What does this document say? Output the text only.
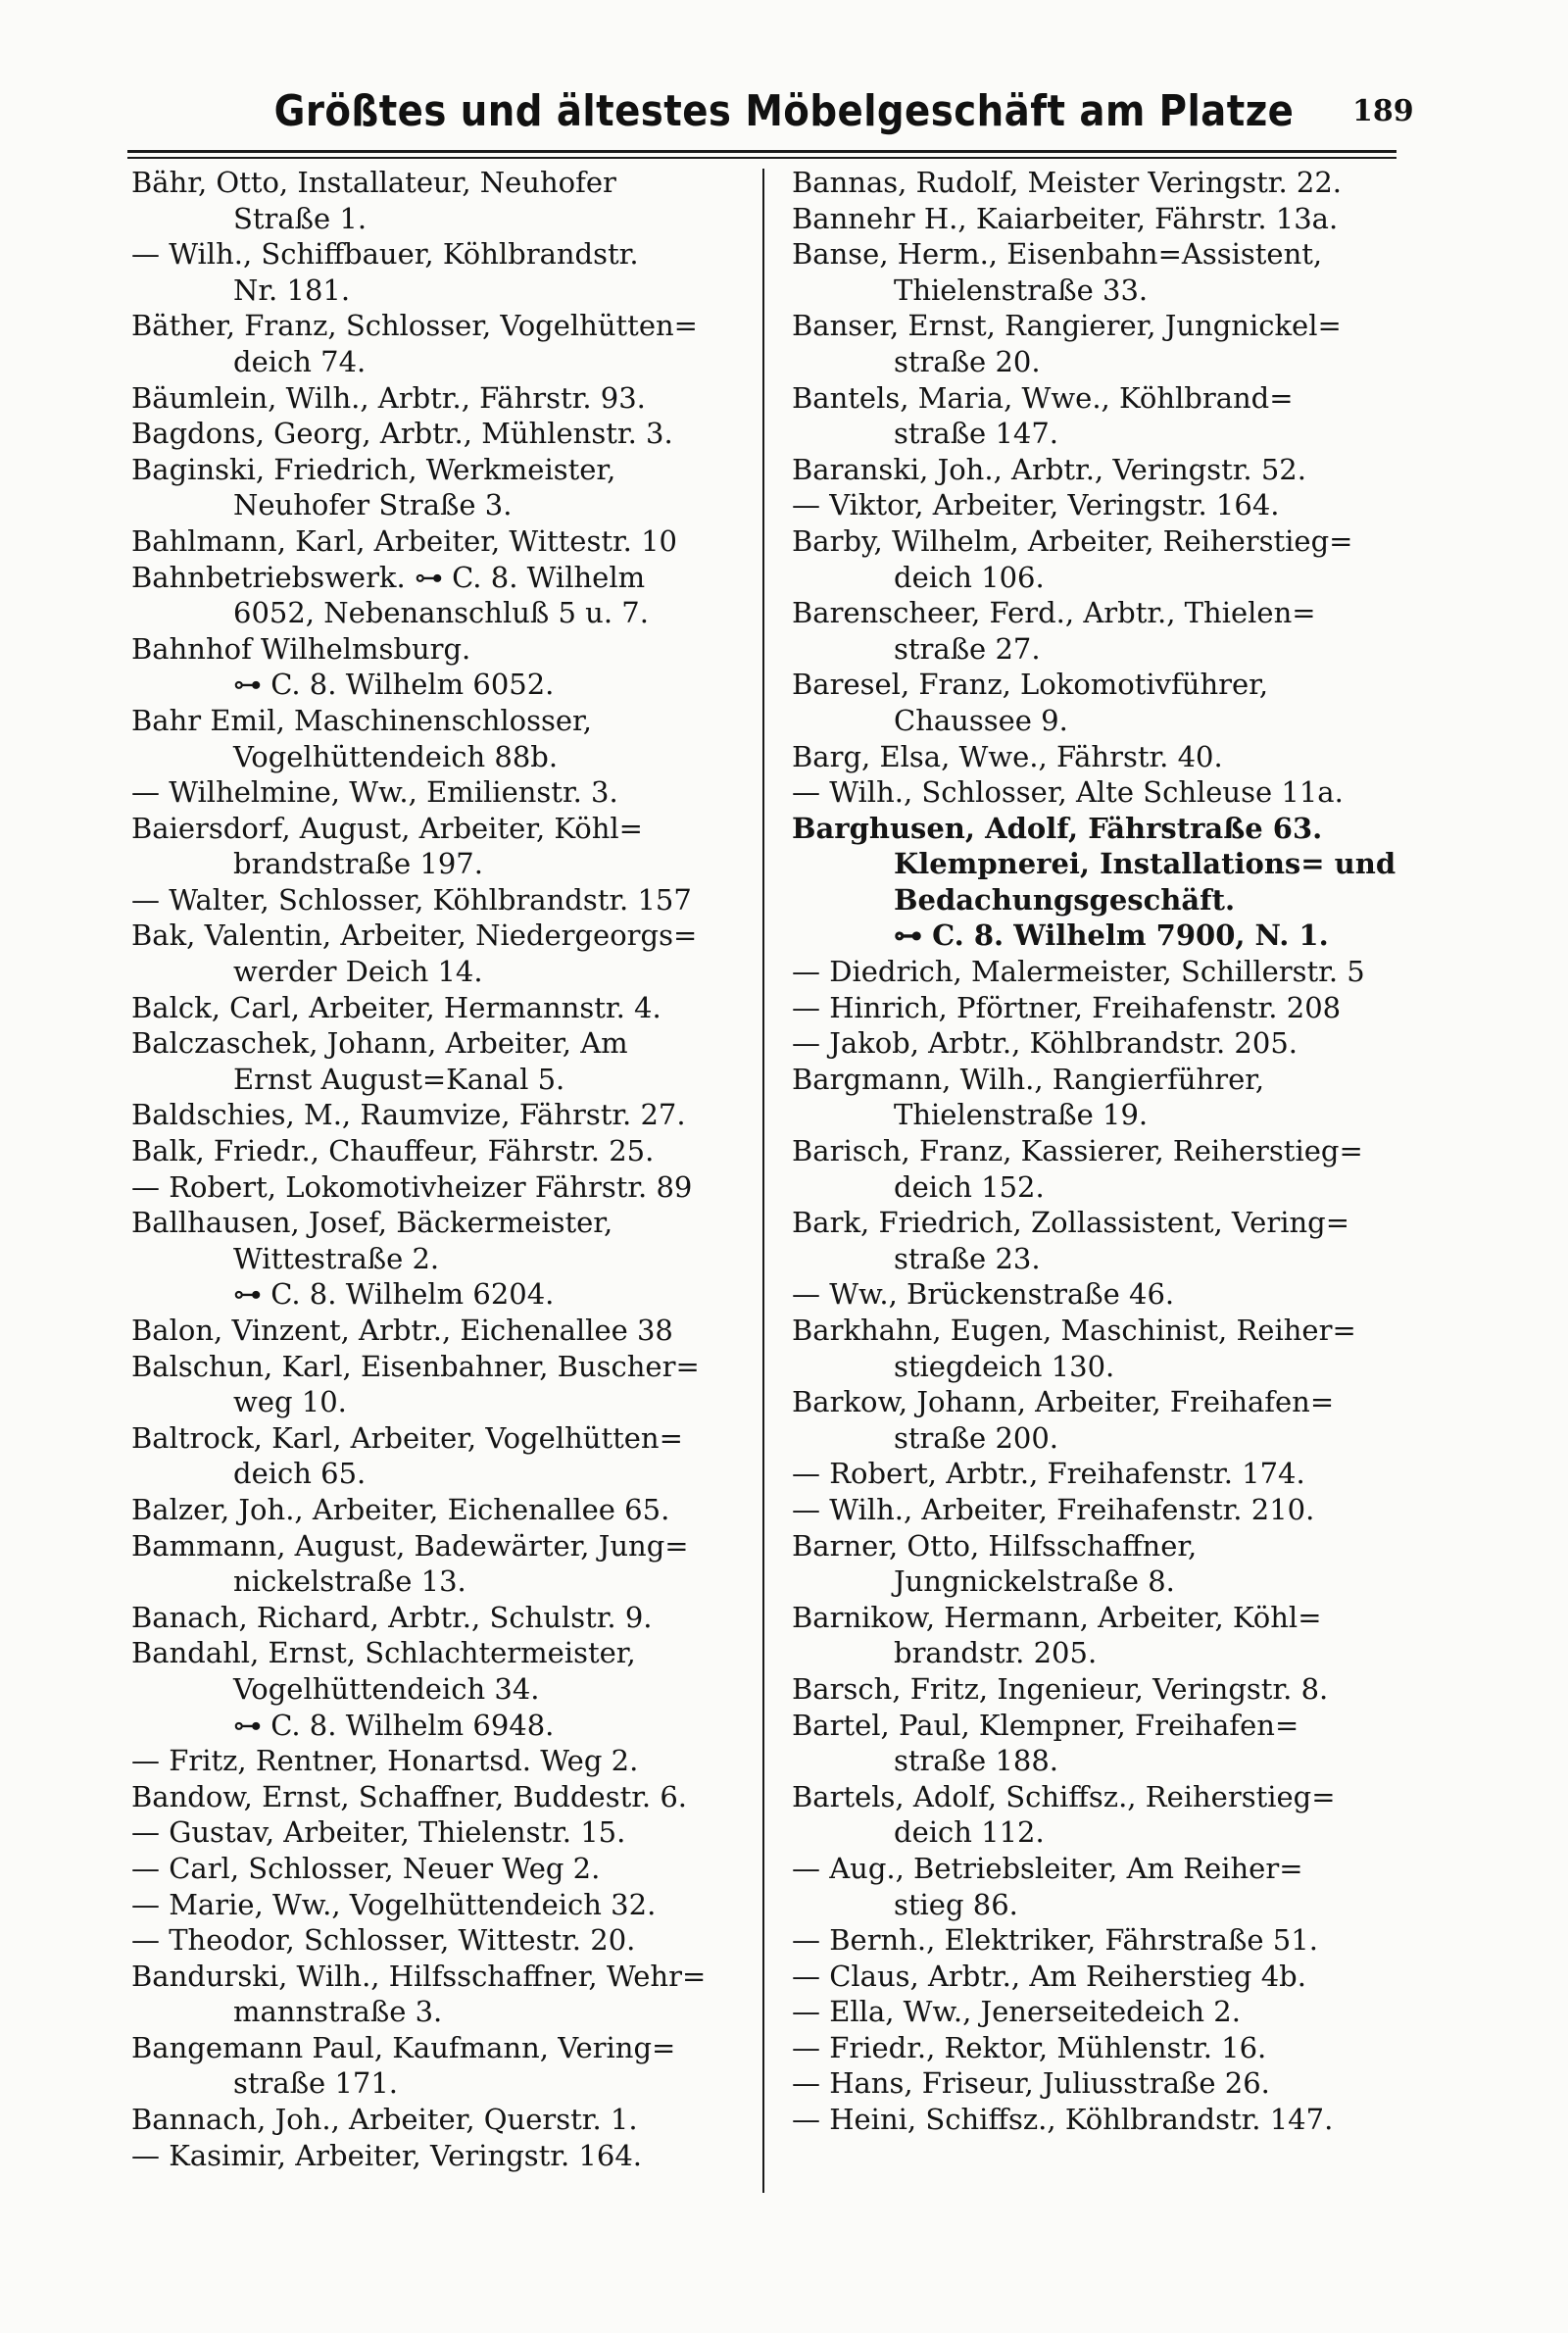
Größtes und ältestes Möbelgeschäft am Platze	189
Bähr, Otto, Installateur, Neuhofer
Straße 1.
— Wilh., Schiffbauer, Köhlbrandstr.
Nr. 181.
Bäther, Franz, Schlosser, Vogelhütten=
deich 74.
Bäumlein, Wilh., Arbtr., Fährstr. 93.
Bagdons, Georg, Arbtr., Mühlenstr. 3.
Baginski, Friedrich, Werkmeister,
Neuhofer Straße 3.
Bahlmann, Karl, Arbeiter, Wittestr. 10
Bahnbetriebswerk. ⊶ C. 8. Wilhelm
6052, Nebenanschluß 5 u. 7.
Bahnhof Wilhelmsburg.
⊶ C. 8. Wilhelm 6052.
Bahr Emil, Maschinenschlosser,
Vogelhüttendeich 88b.
— Wilhelmine, Ww., Emilienstr. 3.
Baiersdorf, August, Arbeiter, Köhl=
brandstraße 197.
— Walter, Schlosser, Köhlbrandstr. 157
Bak, Valentin, Arbeiter, Niedergeorgs=
werder Deich 14.
Balck, Carl, Arbeiter, Hermannstr. 4.
Balczaschek, Johann, Arbeiter, Am
Ernst August=Kanal 5.
Baldschies, M., Raumvize, Fährstr. 27.
Balk, Friedr., Chauffeur, Fährstr. 25.
— Robert, Lokomotivheizer Fährstr. 89
Ballhausen, Josef, Bäckermeister,
Wittestraße 2.
⊶ C. 8. Wilhelm 6204.
Balon, Vinzent, Arbtr., Eichenallee 38
Balschun, Karl, Eisenbahner, Buscher=
weg 10.
Baltrock, Karl, Arbeiter, Vogelhütten=
deich 65.
Balzer, Joh., Arbeiter, Eichenallee 65.
Bammann, August, Badewärter, Jung=
nickelstraße 13.
Banach, Richard, Arbtr., Schulstr. 9.
Bandahl, Ernst, Schlachtermeister,
Vogelhüttendeich 34.
⊶ C. 8. Wilhelm 6948.
— Fritz, Rentner, Honartsd. Weg 2.
Bandow, Ernst, Schaffner, Buddestr. 6.
— Gustav, Arbeiter, Thielenstr. 15.
— Carl, Schlosser, Neuer Weg 2.
— Marie, Ww., Vogelhüttendeich 32.
— Theodor, Schlosser, Wittestr. 20.
Bandurski, Wilh., Hilfsschaffner, Wehr=
mannstraße 3.
Bangemann Paul, Kaufmann, Vering=
straße 171.
Bannach, Joh., Arbeiter, Querstr. 1.
— Kasimir, Arbeiter, Veringstr. 164.
Bannas, Rudolf, Meister Veringstr. 22.
Bannehr H., Kaiarbeiter, Fährstr. 13a.
Banse, Herm., Eisenbahn=Assistent,
Thielenstraße 33.
Banser, Ernst, Rangierer, Jungnickel=
straße 20.
Bantels, Maria, Wwe., Köhlbrand=
straße 147.
Baranski, Joh., Arbtr., Veringstr. 52.
— Viktor, Arbeiter, Veringstr. 164.
Barby, Wilhelm, Arbeiter, Reiherstieg=
deich 106.
Barenscheer, Ferd., Arbtr., Thielen=
straße 27.
Baresel, Franz, Lokomotivführer,
Chaussee 9.
Barg, Elsa, Wwe., Fährstr. 40.
— Wilh., Schlosser, Alte Schleuse 11a.
Barghusen, Adolf, Fährstraße 63.
Klempnerei, Installations= und
Bedachungsgeschäft.
⊶ C. 8. Wilhelm 7900, N. 1.
— Diedrich, Malermeister, Schillerstr. 5
— Hinrich, Pförtner, Freihafenstr. 208
— Jakob, Arbtr., Köhlbrandstr. 205.
Bargmann, Wilh., Rangierführer,
Thielenstraße 19.
Barisch, Franz, Kassierer, Reiherstieg=
deich 152.
Bark, Friedrich, Zollassistent, Vering=
straße 23.
— Ww., Brückenstraße 46.
Barkhahn, Eugen, Maschinist, Reiher=
stiegdeich 130.
Barkow, Johann, Arbeiter, Freihafen=
straße 200.
— Robert, Arbtr., Freihafenstr. 174.
— Wilh., Arbeiter, Freihafenstr. 210.
Barner, Otto, Hilfsschaffner,
Jungnickelstraße 8.
Barnikow, Hermann, Arbeiter, Köhl=
brandstr. 205.
Barsch, Fritz, Ingenieur, Veringstr. 8.
Bartel, Paul, Klempner, Freihafen=
straße 188.
Bartels, Adolf, Schiffsz., Reiherstieg=
deich 112.
— Aug., Betriebsleiter, Am Reiher=
stieg 86.
— Bernh., Elektriker, Fährstraße 51.
— Claus, Arbtr., Am Reiherstieg 4b.
— Ella, Ww., Jenerseitedeich 2.
— Friedr., Rektor, Mühlenstr. 16.
— Hans, Friseur, Juliusstraße 26.
— Heini, Schiffsz., Köhlbrandstr. 147.
